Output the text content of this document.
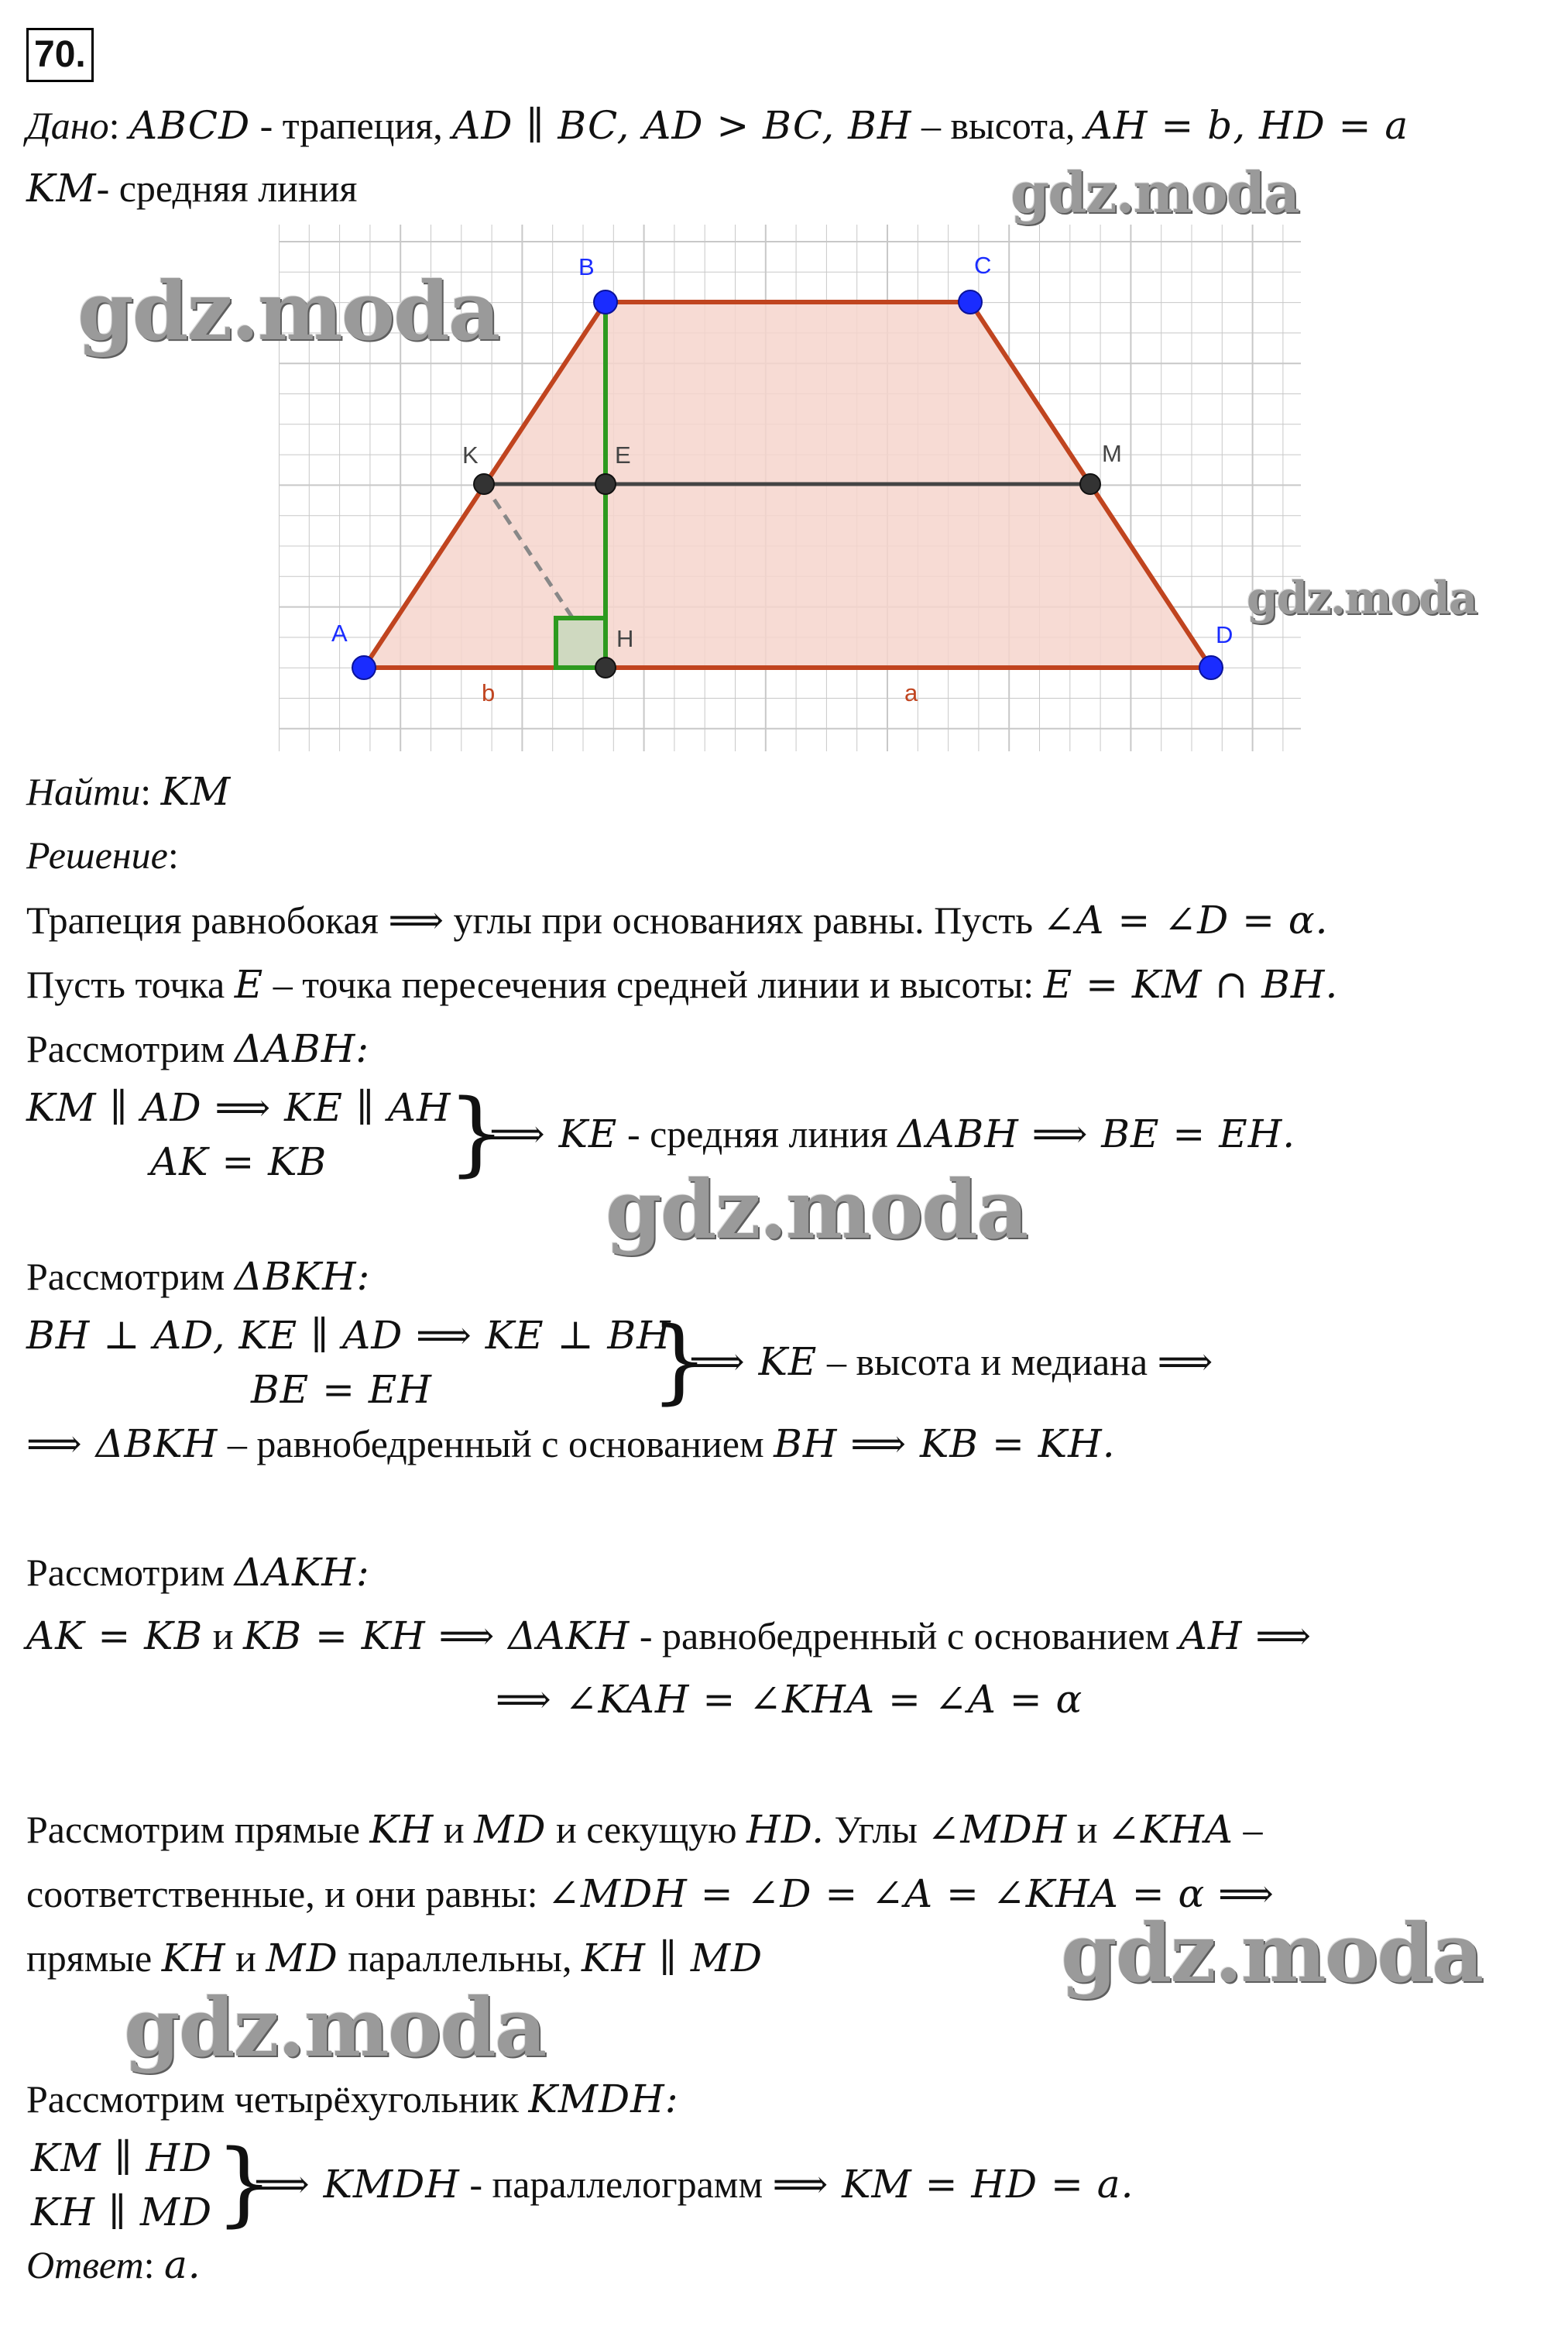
70.
Дано: ABCD - трапеция, AD ∥ BC, AD > BC, BH – высота, AH = b, HD = a
KM- средняя линия
B	C
A	D
K	E	M
H
b	a
Найти: KM
Решение:
Трапеция равнобокая ⟹ углы при основаниях равны. Пусть ∠A = ∠D = α.
Пусть точка E – точка пересечения средней линии и высоты: E = KM ∩ BH.
Рассмотрим ΔABH:
KM ∥ AD ⟹ KE ∥ AH
AK = KB }
⟹ KE - средняя линия ΔABH ⟹ BE = EH.
Рассмотрим ΔBKH:
BH ⊥ AD, KE ∥ AD ⟹ KE ⊥ BH
BE = EH }
⟹ KE – высота и медиана ⟹
⟹ ΔBKH – равнобедренный с основанием BH ⟹ KB = KH.
Рассмотрим ΔAKH:
AK = KB и KB = KH ⟹ ΔAKH - равнобедренный с основанием AH ⟹
⟹ ∠KAH = ∠KHA = ∠A = α
Рассмотрим прямые KH и MD и секущую HD. Углы ∠MDH и ∠KHA –
соответственные, и они равны: ∠MDH = ∠D = ∠A = ∠KHA = α ⟹
прямые KH и MD параллельны, KH ∥ MD
Рассмотрим четырёхугольник KMDH:
KM ∥ HD
KH ∥ MD }
⟹ KMDH - параллелограмм ⟹ KM = HD = a.
Ответ: a.
gdz.moda
gdz.moda
gdz.moda
gdz.moda
gdz.moda
gdz.moda
